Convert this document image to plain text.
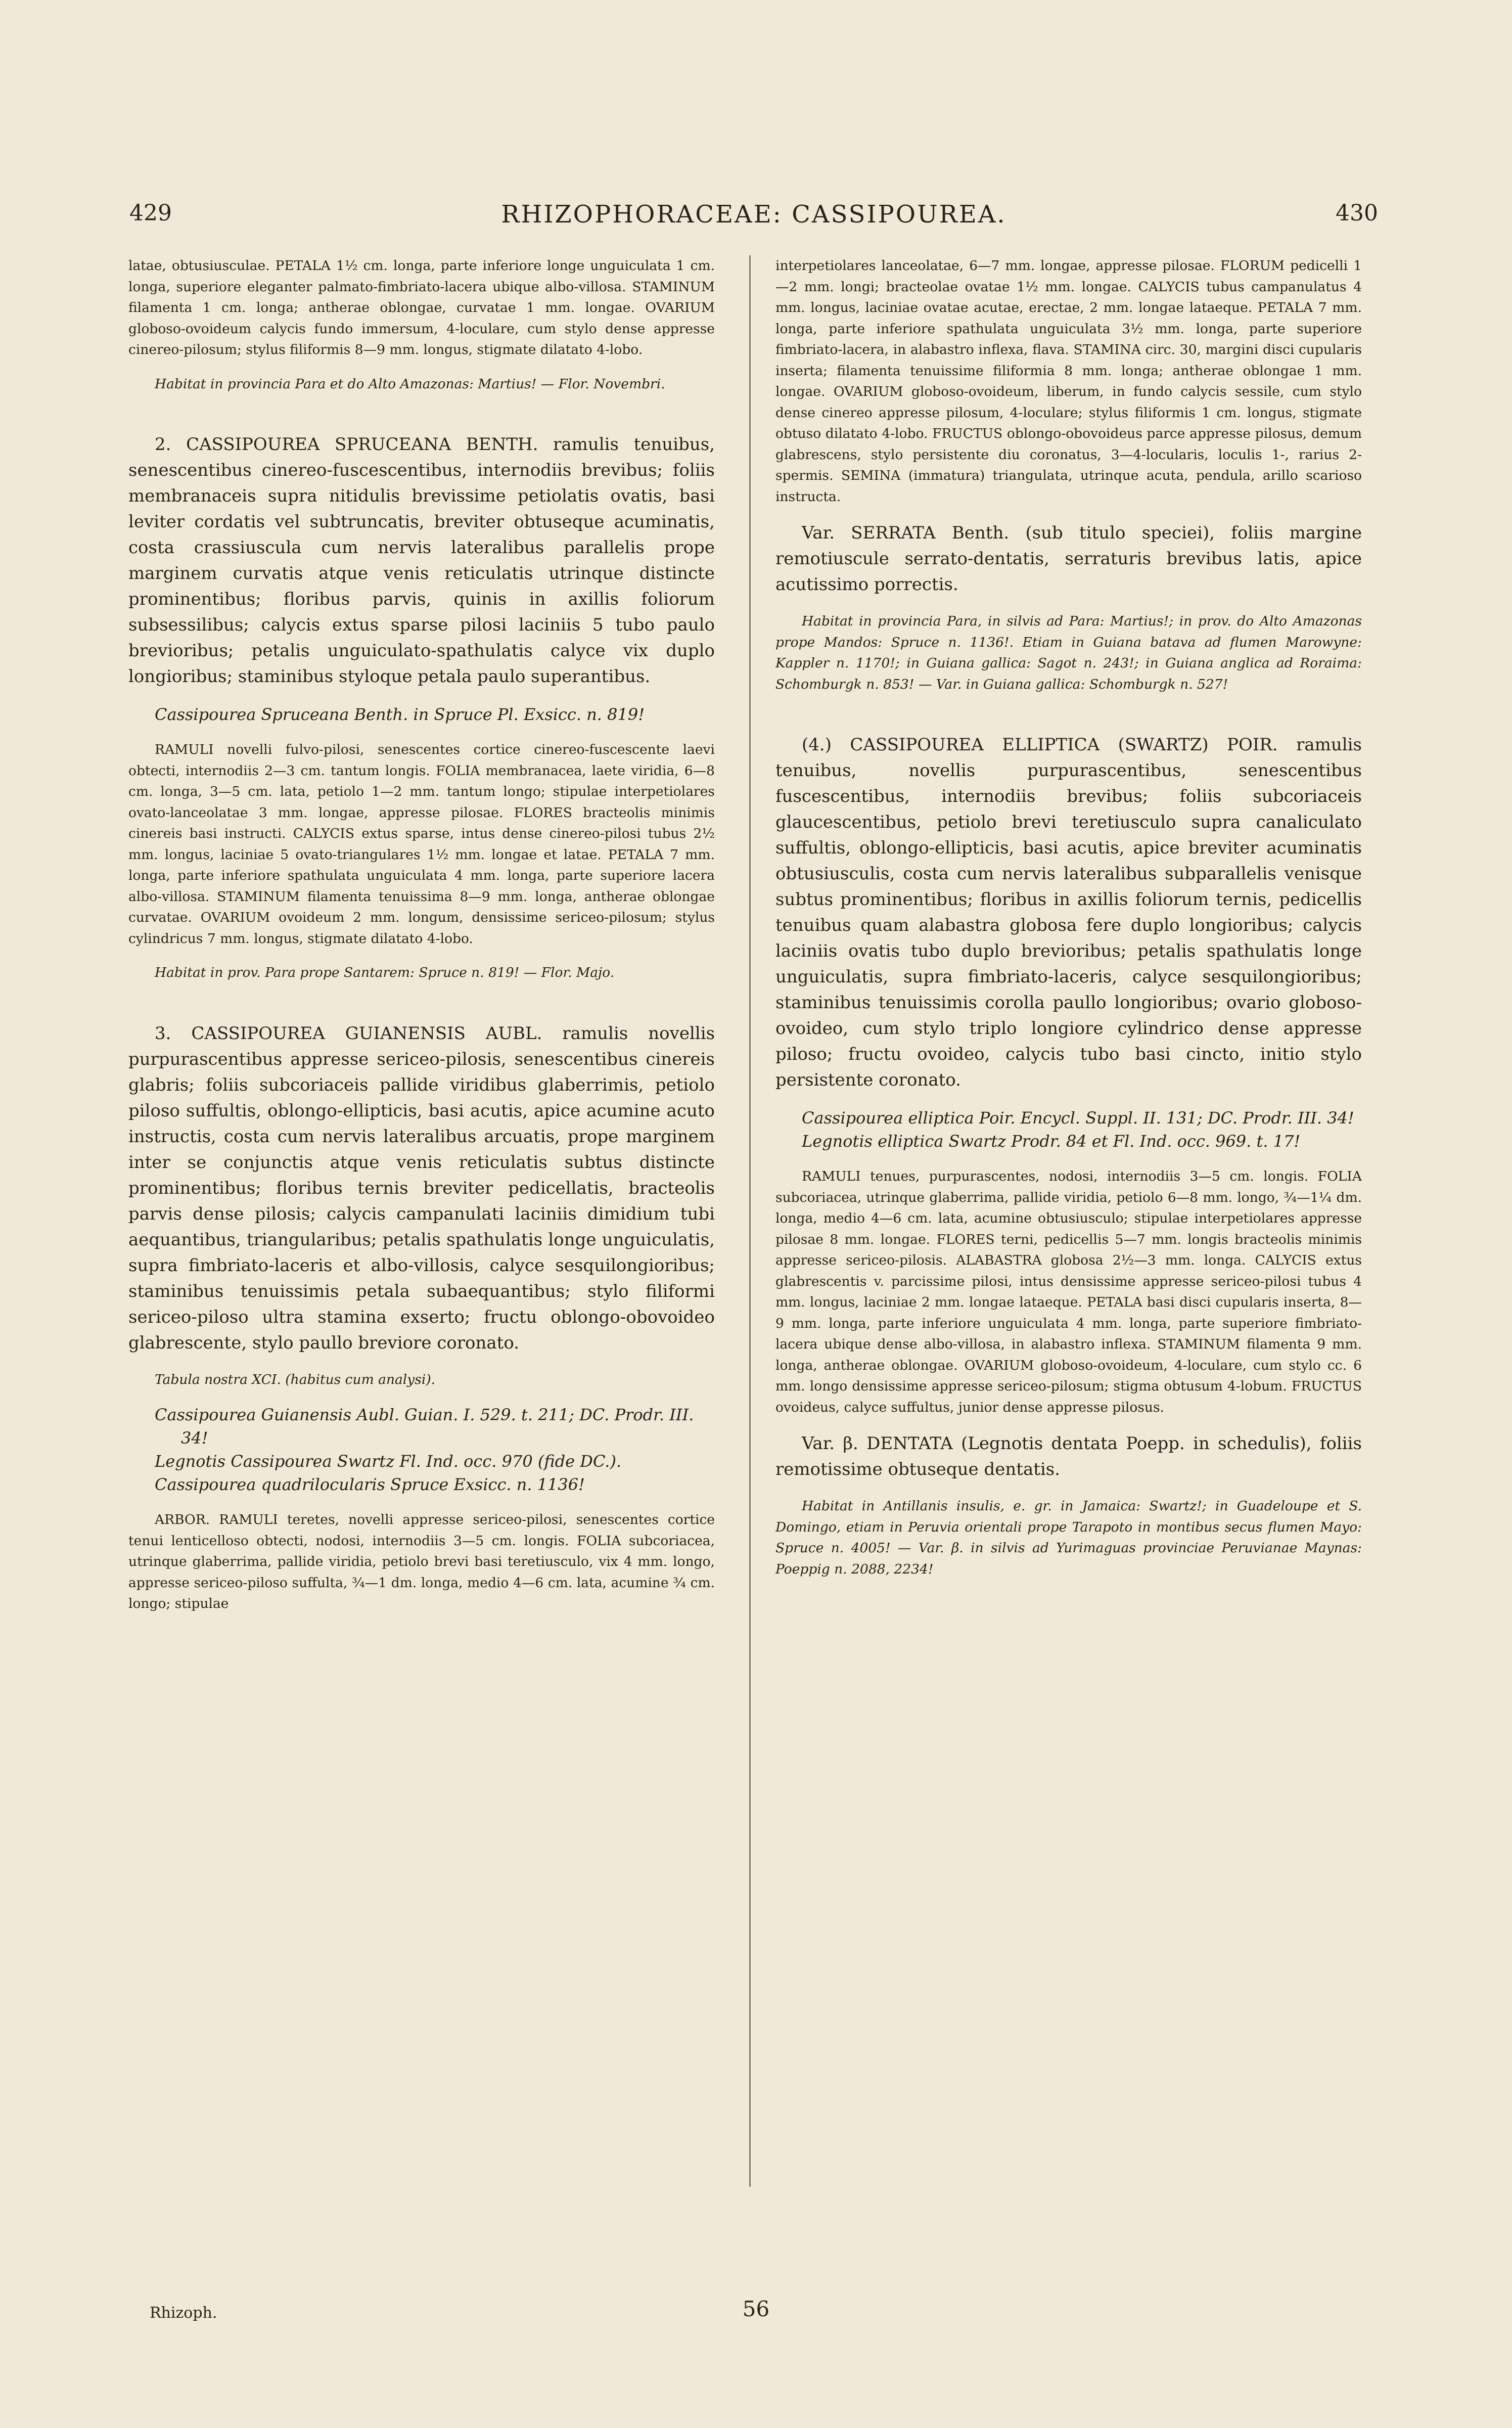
429	RHIZOPHORACEAE: CASSIPOUREA.	430

latae, obtusiusculae. PETALA 1½ cm. longa, parte inferiore longe unguiculata 1 cm. longa, superiore eleganter palmato-fimbriato-lacera ubique albo-villosa. STAMINUM filamenta 1 cm. longa; antherae oblongae, curvatae 1 mm. longae. OVARIUM globoso-ovoideum calycis fundo immersum, 4-loculare, cum stylo dense appresse cinereo-pilosum; stylus filiformis 8—9 mm. longus, stigmate dilatato 4-lobo.

Habitat in provincia Para et do Alto Amazonas: Martius! — Flor. Novembri.

2. CASSIPOUREA SPRUCEANA BENTH. ramulis tenuibus, senescentibus cinereo-fuscescentibus, internodiis brevibus; foliis membranaceis supra nitidulis brevissime petiolatis ovatis, basi leviter cordatis vel subtruncatis, breviter obtuseque acuminatis, costa crassiuscula cum nervis lateralibus parallelis prope marginem curvatis atque venis reticulatis utrinque distincte prominentibus; floribus parvis, quinis in axillis foliorum subsessilibus; calycis extus sparse pilosi laciniis 5 tubo paulo brevioribus; petalis unguiculato-spathulatis calyce vix duplo longioribus; staminibus styloque petala paulo superantibus.

Cassipourea Spruceana Benth. in Spruce Pl. Exsicc. n. 819!

RAMULI novelli fulvo-pilosi, senescentes cortice cinereo-fuscescente laevi obtecti, internodiis 2—3 cm. tantum longis. FOLIA membranacea, laete viridia, 6—8 cm. longa, 3—5 cm. lata, petiolo 1—2 mm. tantum longo; stipulae interpetiolares ovato-lanceolatae 3 mm. longae, appresse pilosae. FLORES bracteolis minimis cinereis basi instructi. CALYCIS extus sparse, intus dense cinereo-pilosi tubus 2½ mm. longus, laciniae 5 ovato-triangulares 1½ mm. longae et latae. PETALA 7 mm. longa, parte inferiore spathulata unguiculata 4 mm. longa, parte superiore lacera albo-villosa. STAMINUM filamenta tenuissima 8—9 mm. longa, antherae oblongae curvatae. OVARIUM ovoideum 2 mm. longum, densissime sericeo-pilosum; stylus cylindricus 7 mm. longus, stigmate dilatato 4-lobo.

Habitat in prov. Para prope Santarem: Spruce n. 819! — Flor. Majo.

3. CASSIPOUREA GUIANENSIS AUBL. ramulis novellis purpurascentibus appresse sericeo-pilosis, senescentibus cinereis glabris; foliis subcoriaceis pallide viridibus glaberrimis, petiolo piloso suffultis, oblongo-ellipticis, basi acutis, apice acumine acuto instructis, costa cum nervis lateralibus arcuatis, prope marginem inter se conjunctis atque venis reticulatis subtus distincte prominentibus; floribus ternis breviter pedicellatis, bracteolis parvis dense pilosis; calycis campanulati laciniis dimidium tubi aequantibus, triangularibus; petalis spathulatis longe unguiculatis, supra fimbriato-laceris et albo-villosis, calyce sesquilongioribus; staminibus tenuissimis petala subaequantibus; stylo filiformi sericeo-piloso ultra stamina exserto; fructu oblongo-obovoideo glabrescente, stylo paullo breviore coronato.

Tabula nostra XCI. (habitus cum analysi).

Cassipourea Guianensis Aubl. Guian. I. 529. t. 211; DC. Prodr. III. 34!

Legnotis Cassipourea Swartz Fl. Ind. occ. 970 (fide DC.).

Cassipourea quadrilocularis Spruce Exsicc. n. 1136!

ARBOR. RAMULI teretes, novelli appresse sericeo-pilosi, senescentes cortice tenui lenticelloso obtecti, nodosi, internodiis 3—5 cm. longis. FOLIA subcoriacea, utrinque glaberrima, pallide viridia, petiolo brevi basi teretiusculo, vix 4 mm. longo, appresse sericeo-piloso suffulta, ¾—1 dm. longa, medio 4—6 cm. lata, acumine ¾ cm. longo; stipulae

interpetiolares lanceolatae, 6—7 mm. longae, appresse pilosae. FLORUM pedicelli 1—2 mm. longi; bracteolae ovatae 1½ mm. longae. CALYCIS tubus campanulatus 4 mm. longus, laciniae ovatae acutae, erectae, 2 mm. longae lataeque. PETALA 7 mm. longa, parte inferiore spathulata unguiculata 3½ mm. longa, parte superiore fimbriato-lacera, in alabastro inflexa, flava. STAMINA circ. 30, margini disci cupularis inserta; filamenta tenuissime filiformia 8 mm. longa; antherae oblongae 1 mm. longae. OVARIUM globoso-ovoideum, liberum, in fundo calycis sessile, cum stylo dense cinereo appresse pilosum, 4-loculare; stylus filiformis 1 cm. longus, stigmate obtuso dilatato 4-lobo. FRUCTUS oblongo-obovoideus parce appresse pilosus, demum glabrescens, stylo persistente diu coronatus, 3—4-locularis, loculis 1-, rarius 2-spermis. SEMINA (immatura) triangulata, utrinque acuta, pendula, arillo scarioso instructa.

Var. SERRATA Benth. (sub titulo speciei), foliis margine remotiuscule serrato-dentatis, serraturis brevibus latis, apice acutissimo porrectis.

Habitat in provincia Para, in silvis ad Para: Martius!; in prov. do Alto Amazonas prope Mandos: Spruce n. 1136!. Etiam in Guiana batava ad flumen Marowyne: Kappler n. 1170!; in Guiana gallica: Sagot n. 243!; in Guiana anglica ad Roraima: Schomburgk n. 853! — Var. in Guiana gallica: Schomburgk n. 527!

(4.) CASSIPOUREA ELLIPTICA (SWARTZ) POIR. ramulis tenuibus, novellis purpurascentibus, senescentibus fuscescentibus, internodiis brevibus; foliis subcoriaceis glaucescentibus, petiolo brevi teretiusculo supra canaliculato suffultis, oblongo-ellipticis, basi acutis, apice breviter acuminatis obtusiusculis, costa cum nervis lateralibus subparallelis venisque subtus prominentibus; floribus in axillis foliorum ternis, pedicellis tenuibus quam alabastra globosa fere duplo longioribus; calycis laciniis ovatis tubo duplo brevioribus; petalis spathulatis longe unguiculatis, supra fimbriato-laceris, calyce sesquilongioribus; staminibus tenuissimis corolla paullo longioribus; ovario globoso-ovoideo, cum stylo triplo longiore cylindrico dense appresse piloso; fructu ovoideo, calycis tubo basi cincto, initio stylo persistente coronato.

Cassipourea elliptica Poir. Encycl. Suppl. II. 131; DC. Prodr. III. 34!

Legnotis elliptica Swartz Prodr. 84 et Fl. Ind. occ. 969. t. 17!

RAMULI tenues, purpurascentes, nodosi, internodiis 3—5 cm. longis. FOLIA subcoriacea, utrinque glaberrima, pallide viridia, petiolo 6—8 mm. longo, ¾—1¼ dm. longa, medio 4—6 cm. lata, acumine obtusiusculo; stipulae interpetiolares appresse pilosae 8 mm. longae. FLORES terni, pedicellis 5—7 mm. longis bracteolis minimis appresse sericeo-pilosis. ALABASTRA globosa 2½—3 mm. longa. CALYCIS extus glabrescentis v. parcissime pilosi, intus densissime appresse sericeo-pilosi tubus 4 mm. longus, laciniae 2 mm. longae lataeque. PETALA basi disci cupularis inserta, 8—9 mm. longa, parte inferiore unguiculata 4 mm. longa, parte superiore fimbriato-lacera ubique dense albo-villosa, in alabastro inflexa. STAMINUM filamenta 9 mm. longa, antherae oblongae. OVARIUM globoso-ovoideum, 4-loculare, cum stylo cc. 6 mm. longo densissime appresse sericeo-pilosum; stigma obtusum 4-lobum. FRUCTUS ovoideus, calyce suffultus, junior dense appresse pilosus.

Var. β. DENTATA (Legnotis dentata Poepp. in schedulis), foliis remotissime obtuseque dentatis.

Habitat in Antillanis insulis, e. gr. in Jamaica: Swartz!; in Guadeloupe et S. Domingo, etiam in Peruvia orientali prope Tarapoto in montibus secus flumen Mayo: Spruce n. 4005! — Var. β. in silvis ad Yurimaguas provinciae Peruvianae Maynas: Poeppig n. 2088, 2234!

Rhizoph.	56
